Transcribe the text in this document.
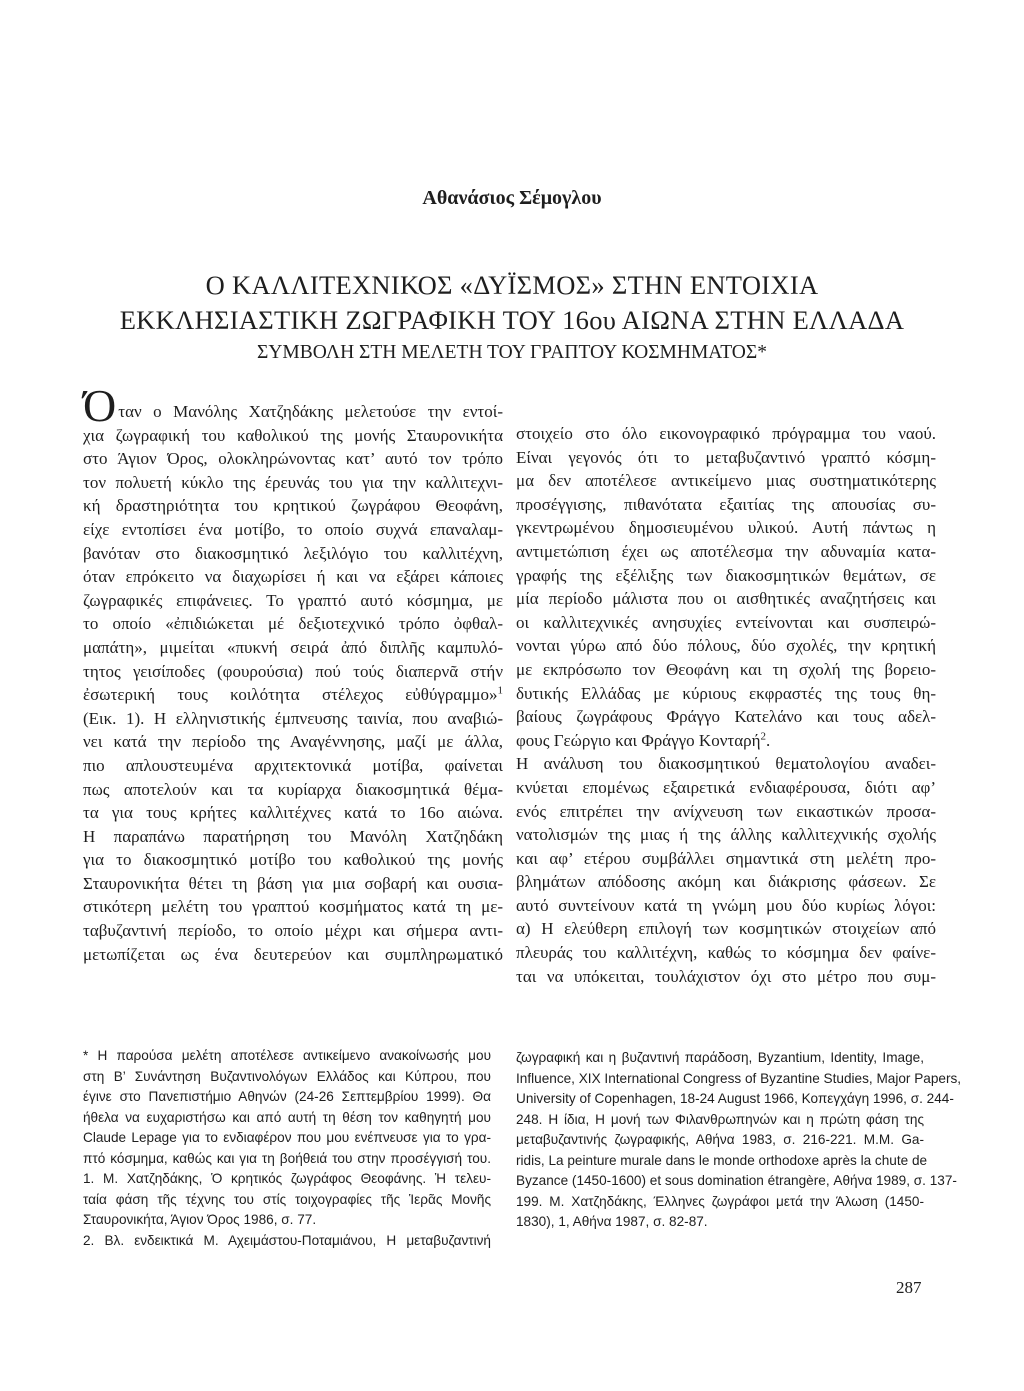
Αθανάσιος Σέμογλου
Ο ΚΑΛΛΙΤΕΧΝΙΚΟΣ «ΔΥΪΣΜΟΣ» ΣΤΗΝ ΕΝΤΟΙΧΙΑ
ΕΚΚΛΗΣΙΑΣΤΙΚΗ ΖΩΓΡΑΦΙΚΗ ΤΟΥ 16ου ΑΙΩΝΑ ΣΤΗΝ ΕΛΛΑΔΑ
ΣΥΜΒΟΛΗ ΣΤΗ ΜΕΛΕΤΗ ΤΟΥ ΓΡΑΠΤΟΥ ΚΟΣΜΗΜΑΤΟΣ*
Όταν ο Μανόλης Χατζηδάκης μελετούσε την εντοί-
χια ζωγραφική του καθολικού της μονής Σταυρονικήτα
στο Άγιον Όρος, ολοκληρώνοντας κατ’ αυτό τον τρόπο
τον πολυετή κύκλο της έρευνάς του για την καλλιτεχνι-
κή δραστηριότητα του κρητικού ζωγράφου Θεοφάνη,
είχε εντοπίσει ένα μοτίβο, το οποίο συχνά επαναλαμ-
βανόταν στο διακοσμητικό λεξιλόγιο του καλλιτέχνη,
όταν επρόκειτο να διαχωρίσει ή και να εξάρει κάποιες
ζωγραφικές επιφάνειες. Το γραπτό αυτό κόσμημα, με
το οποίο «ἐπιδιώκεται μέ δεξιοτεχνικό τρόπο ὀφθαλ-
μαπάτη», μιμείται «πυκνή σειρά ἀπό διπλῆς καμπυλό-
τητος γεισίποδες (φουρούσια) πού τούς διαπερνᾶ στήν
ἐσωτερική τους κοιλότητα στέλεχος εὐθύγραμμο»$^1$
(Εικ. 1). Η ελληνιστικής έμπνευσης ταινία, που αναβιώ-
νει κατά την περίοδο της Αναγέννησης, μαζί με άλλα,
πιο απλουστευμένα αρχιτεκτονικά μοτίβα, φαίνεται
πως αποτελούν και τα κυρίαρχα διακοσμητικά θέμα-
τα για τους κρήτες καλλιτέχνες κατά το 16ο αιώνα.
Η παραπάνω παρατήρηση του Μανόλη Χατζηδάκη
για το διακοσμητικό μοτίβο του καθολικού της μονής
Σταυρονικήτα θέτει τη βάση για μια σοβαρή και ουσια-
στικότερη μελέτη του γραπτού κοσμήματος κατά τη με-
ταβυζαντινή περίοδο, το οποίο μέχρι και σήμερα αντι-
μετωπίζεται ως ένα δευτερεύον και συμπληρωματικό
στοιχείο στο όλο εικονογραφικό πρόγραμμα του ναού.
Είναι γεγονός ότι το μεταβυζαντινό γραπτό κόσμη-
μα δεν αποτέλεσε αντικείμενο μιας συστηματικότερης
προσέγγισης, πιθανότατα εξαιτίας της απουσίας συ-
γκεντρωμένου δημοσιευμένου υλικού. Αυτή πάντως η
αντιμετώπιση έχει ως αποτέλεσμα την αδυναμία κατα-
γραφής της εξέλιξης των διακοσμητικών θεμάτων, σε
μία περίοδο μάλιστα που οι αισθητικές αναζητήσεις και
οι καλλιτεχνικές ανησυχίες εντείνονται και συσπειρώ-
νονται γύρω από δύο πόλους, δύο σχολές, την κρητική
με εκπρόσωπο τον Θεοφάνη και τη σχολή της βορειο-
δυτικής Ελλάδας με κύριους εκφραστές της τους θη-
βαίους ζωγράφους Φράγγο Κατελάνο και τους αδελ-
φους Γεώργιο και Φράγγο Κονταρή$^2$.
Η ανάλυση του διακοσμητικού θεματολογίου αναδει-
κνύεται επομένως εξαιρετικά ενδιαφέρουσα, διότι αφ’
ενός επιτρέπει την ανίχνευση των εικαστικών προσα-
νατολισμών της μιας ή της άλλης καλλιτεχνικής σχολής
και αφ’ ετέρου συμβάλλει σημαντικά στη μελέτη προ-
βλημάτων απόδοσης ακόμη και διάκρισης φάσεων. Σε
αυτό συντείνουν κατά τη γνώμη μου δύο κυρίως λόγοι:
α) Η ελεύθερη επιλογή των κοσμητικών στοιχείων από
πλευράς του καλλιτέχνη, καθώς το κόσμημα δεν φαίνε-
ται να υπόκειται, τουλάχιστον όχι στο μέτρο που συμ-
* Η παρούσα μελέτη αποτέλεσε αντικείμενο ανακοίνωσής μου
στη Β’ Συνάντηση Βυζαντινολόγων Ελλάδος και Κύπρου, που
έγινε στο Πανεπιστήμιο Αθηνών (24-26 Σεπτεμβρίου 1999). Θα
ήθελα να ευχαριστήσω και από αυτή τη θέση τον καθηγητή μου
Claude Lepage για το ενδιαφέρον που μου ενέπνευσε για το γρα-
πτό κόσμημα, καθώς και για τη βοήθειά του στην προσέγγισή του.
1. Μ. Χατζηδάκης, Ὁ κρητικός ζωγράφος Θεοφάνης. Ἡ τελευ-
ταία φάση τῆς τέχνης του στίς τοιχογραφίες τῆς Ἱερᾶς Μονῆς
Σταυρονικήτα, Άγιον Όρος 1986, σ. 77.
2. Βλ. ενδεικτικά Μ. Αχειμάστου-Ποταμιάνου, Η μεταβυζαντινή
ζωγραφική και η βυζαντινή παράδοση, Byzantium, Identity, Image,
Influence, XIX International Congress of Byzantine Studies, Major Papers,
University of Copenhagen, 18-24 August 1966, Κοπεγχάγη 1996, σ. 244-
248. Η ίδια, Η μονή των Φιλανθρωπηνών και η πρώτη φάση της
μεταβυζαντινής ζωγραφικής, Αθήνα 1983, σ. 216-221. Μ.Μ. Ga-
ridis, La peinture murale dans le monde orthodoxe après la chute de
Byzance (1450-1600) et sous domination étrangère, Αθήνα 1989, σ. 137-
199. Μ. Χατζηδάκης, Έλληνες ζωγράφοι μετά την Άλωση (1450-
1830), 1, Αθήνα 1987, σ. 82-87.
287
